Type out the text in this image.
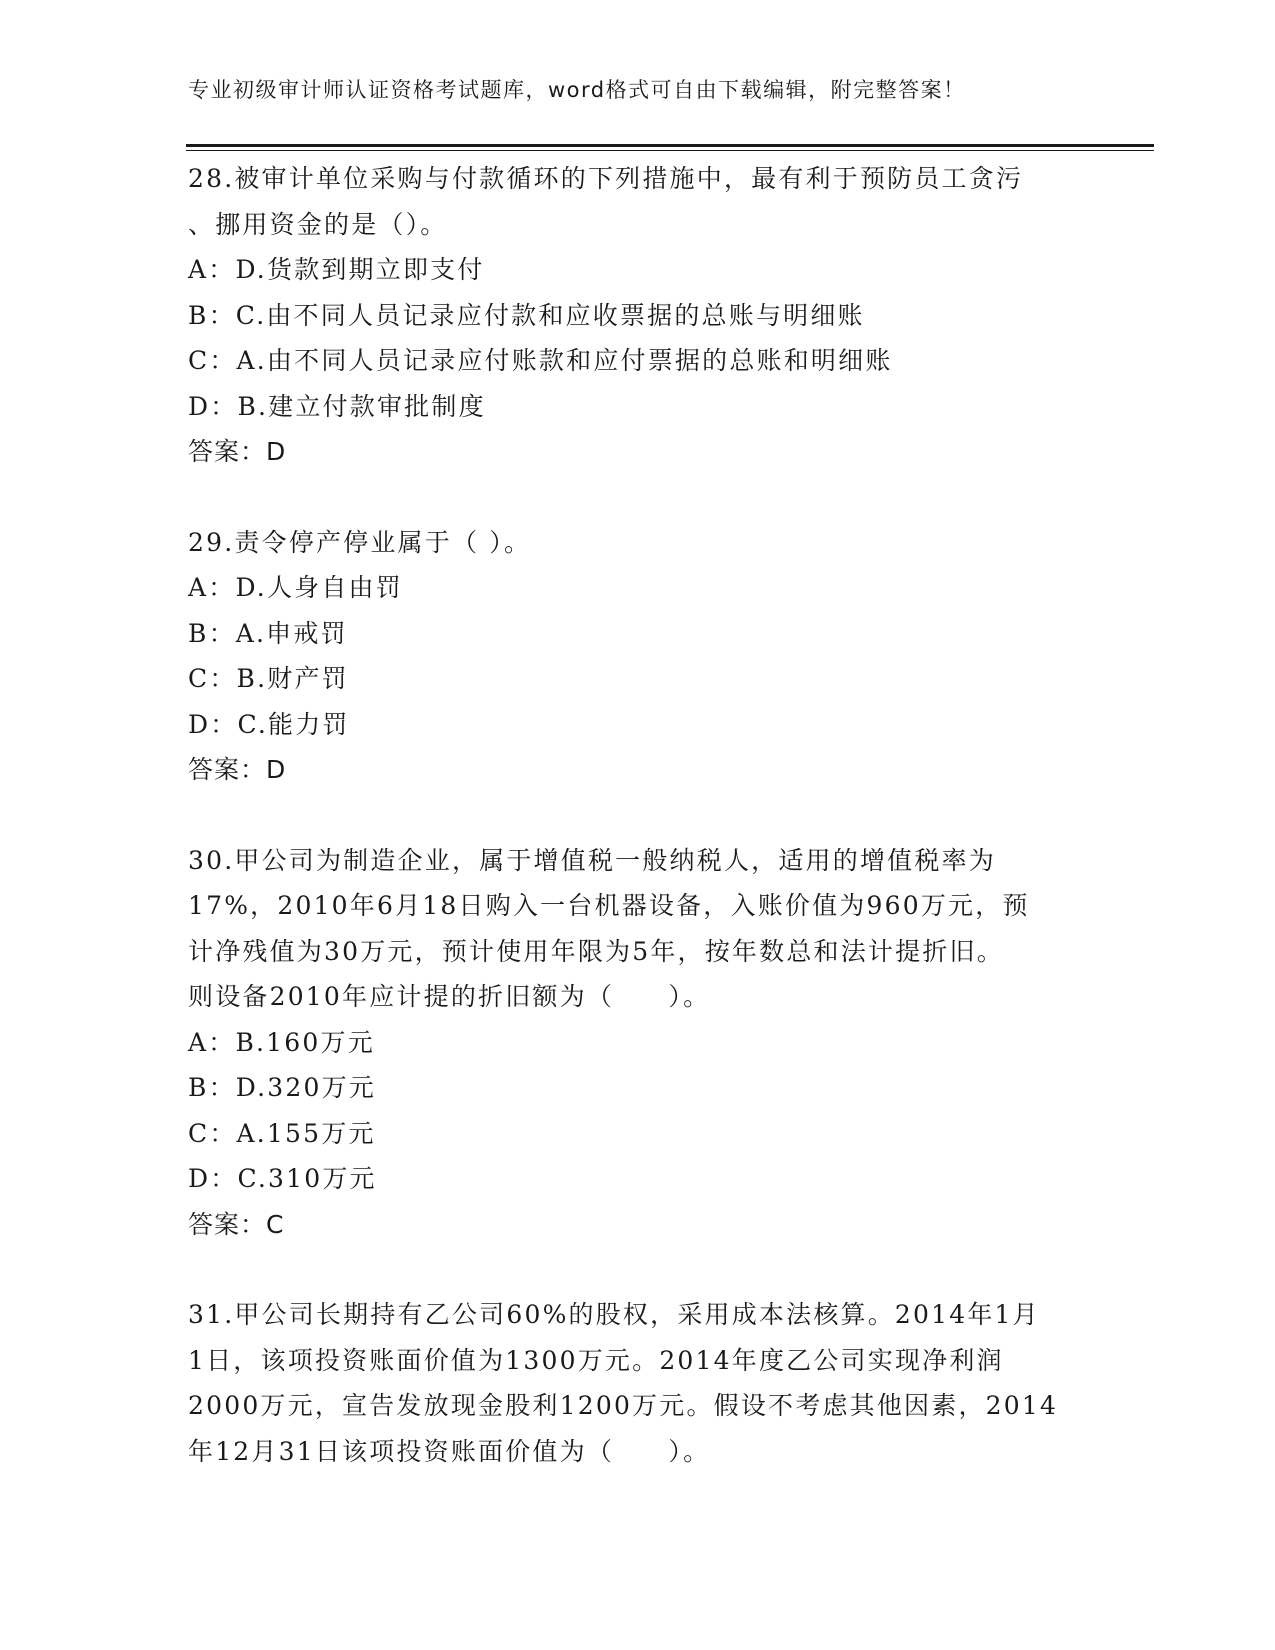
专业初级审计师认证资格考试题库，word格式可自由下载编辑，附完整答案！

28.被审计单位采购与付款循环的下列措施中，最有利于预防员工贪污

、挪用资金的是（）。

A：D.货款到期立即支付

B：C.由不同人员记录应付款和应收票据的总账与明细账

C：A.由不同人员记录应付账款和应付票据的总账和明细账

D：B.建立付款审批制度

答案：D

29.责令停产停业属于（ ）。

A：D.人身自由罚

B：A.申戒罚

C：B.财产罚

D：C.能力罚

答案：D

30.甲公司为制造企业，属于增值税一般纳税人，适用的增值税率为

17%，2010年6月18日购入一台机器设备，入账价值为960万元，预

计净残值为30万元，预计使用年限为5年，按年数总和法计提折旧。

则设备2010年应计提的折旧额为（　　）。

A：B.160万元

B：D.320万元

C：A.155万元

D：C.310万元

答案：C

31.甲公司长期持有乙公司60%的股权，采用成本法核算。2014年1月

1日，该项投资账面价值为1300万元。2014年度乙公司实现净利润

2000万元，宣告发放现金股利1200万元。假设不考虑其他因素，2014

年12月31日该项投资账面价值为（　　）。
